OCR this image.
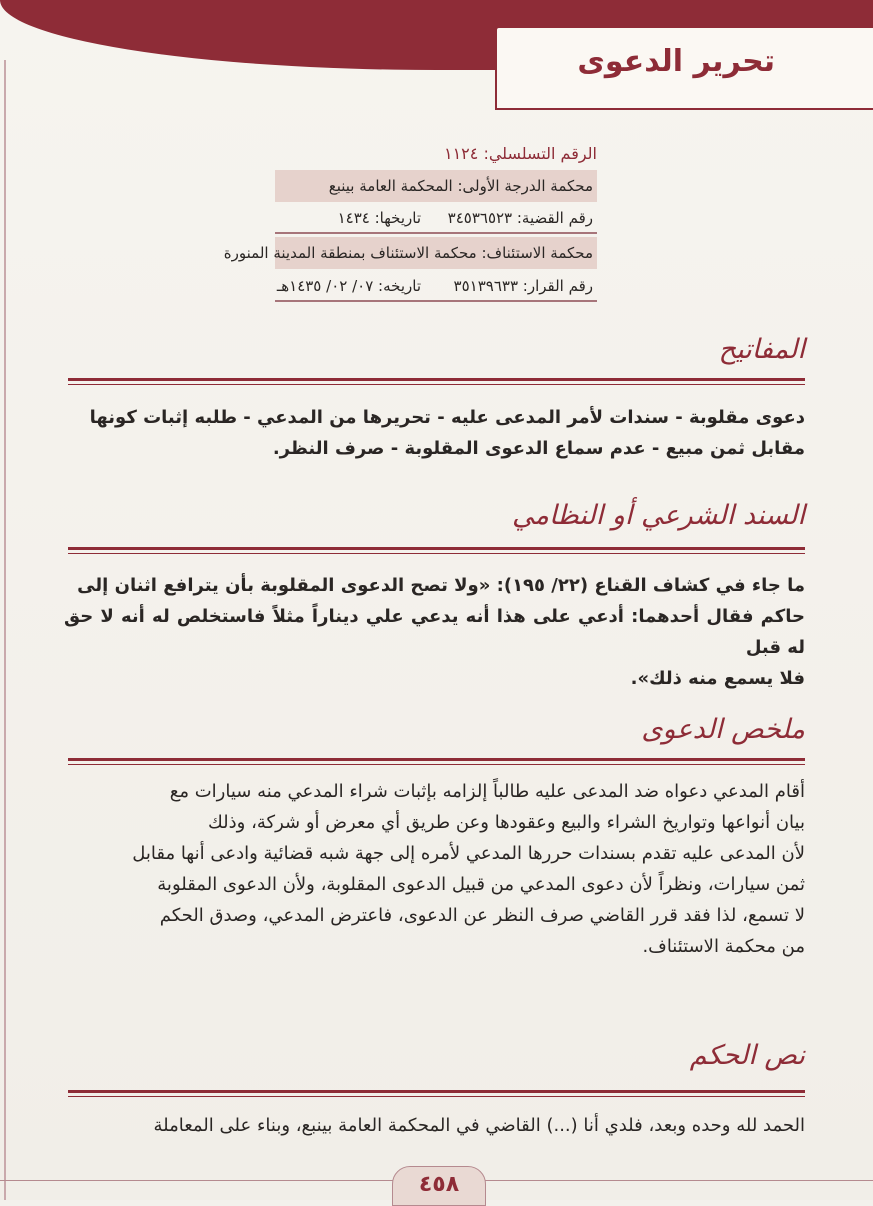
تحرير الدعوى
الرقم التسلسلي: ١١٢٤
محكمة الدرجة الأولى: المحكمة العامة بينبع
رقم القضية: ٣٤٥٣٦٥٢٣
تاريخها: ١٤٣٤
محكمة الاستئناف: محكمة الاستئناف بمنطقة المدينة المنورة
رقم القرار: ٣٥١٣٩٦٣٣
تاريخه: ٠٧/ ٠٢/ ١٤٣٥هـ
المفاتيح
دعوى مقلوبة - سندات لأمر المدعى عليه - تحريرها من المدعي - طلبه إثبات كونها
مقابل ثمن مبيع - عدم سماع الدعوى المقلوبة - صرف النظر.
السند الشرعي أو النظامي
ما جاء في كشاف القناع (٢٢/ ١٩٥): «ولا تصح الدعوى المقلوبة بأن يترافع اثنان إلى
حاكم فقال أحدهما: أدعي على هذا أنه يدعي علي ديناراً مثلاً فاستخلص له أنه لا حق له قبل
فلا يسمع منه ذلك».
ملخص الدعوى
أقام المدعي دعواه ضد المدعى عليه طالباً إلزامه بإثبات شراء المدعي منه سيارات مع
بيان أنواعها وتواريخ الشراء والبيع وعقودها وعن طريق أي معرض أو شركة، وذلك
لأن المدعى عليه تقدم بسندات حررها المدعي لأمره إلى جهة شبه قضائية وادعى أنها مقابل
ثمن سيارات، ونظراً لأن دعوى المدعي من قبيل الدعوى المقلوبة، ولأن الدعوى المقلوبة
لا تسمع، لذا فقد قرر القاضي صرف النظر عن الدعوى، فاعترض المدعي، وصدق الحكم
من محكمة الاستئناف.
نص الحكم
الحمد لله وحده وبعد، فلدي أنا (...) القاضي في المحكمة العامة بينبع، وبناء على المعاملة
٤٥٨
